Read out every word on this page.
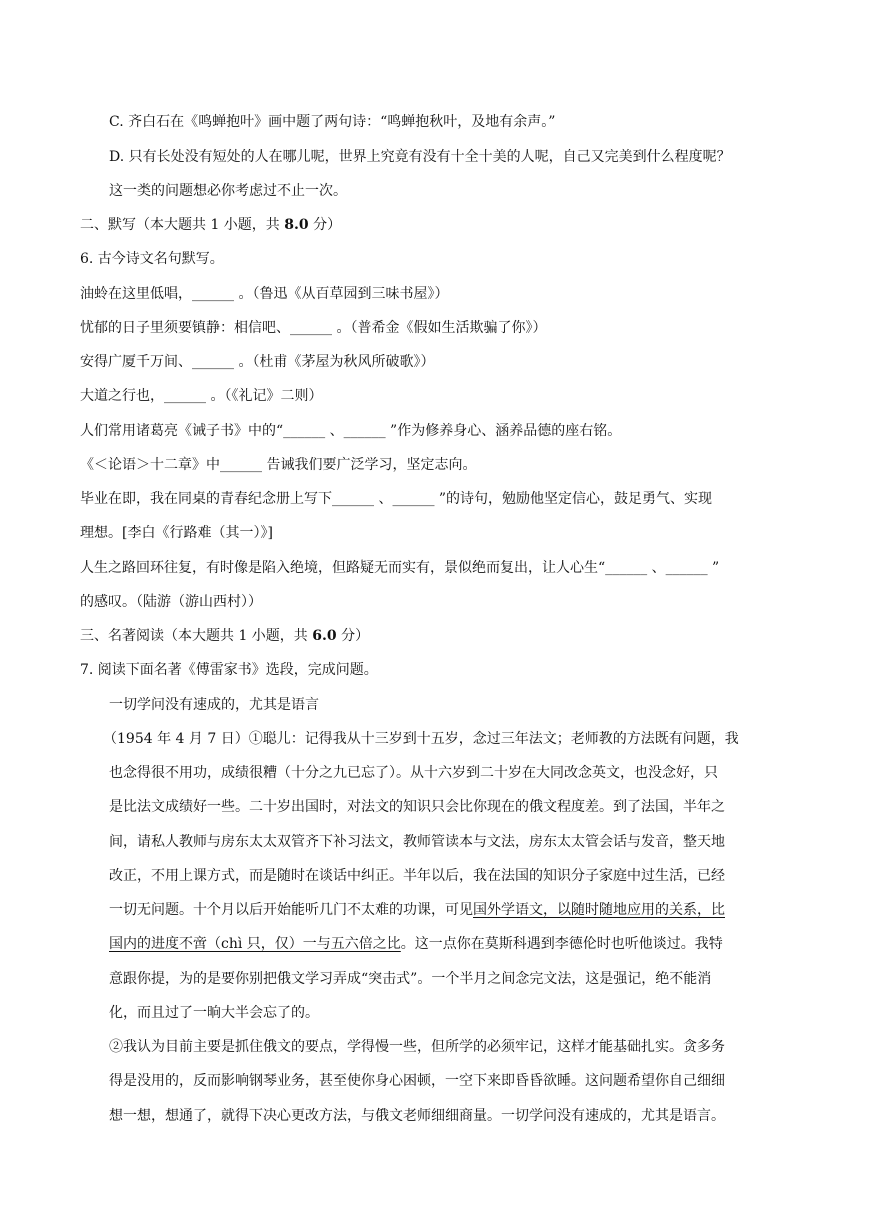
C. 齐白石在《鸣蝉抱叶》画中题了两句诗：“鸣蝉抱秋叶，及地有余声。”
D. 只有长处没有短处的人在哪儿呢，世界上究竟有没有十全十美的人呢，自己又完美到什么程度呢？
这一类的问题想必你考虑过不止一次。
二、默写（本大题共 1 小题，共 8.0 分）
6. 古今诗文名句默写。
油蛉在这里低唱，______ 。（鲁迅《从百草园到三味书屋》）
忧郁的日子里须要镇静：相信吧、______ 。（普希金《假如生活欺骗了你》）
安得广厦千万间、______ 。（杜甫《茅屋为秋风所破歌》）
大道之行也，______ 。（《礼记》二则）
人们常用诸葛亮《诫子书》中的“______ 、______ ”作为修养身心、涵养品德的座右铭。
《＜论语＞十二章》中______ 告诫我们要广泛学习，坚定志向。
毕业在即，我在同桌的青春纪念册上写下______ 、______ ”的诗句，勉励他坚定信心，鼓足勇气、实现
理想。[李白《行路难（其一）》]
人生之路回环往复，有时像是陷入绝境，但路疑无而实有，景似绝而复出，让人心生“______ 、______ ”
的感叹。（陆游（游山西村））
三、名著阅读（本大题共 1 小题，共 6.0 分）
7. 阅读下面名著《傅雷家书》选段，完成问题。
一切学问没有速成的，尤其是语言
（1954 年 4 月 7 日）①聪儿：记得我从十三岁到十五岁，念过三年法文；老师教的方法既有问题，我
也念得很不用功，成绩很糟（十分之九已忘了）。从十六岁到二十岁在大同改念英文，也没念好，只
是比法文成绩好一些。二十岁出国时，对法文的知识只会比你现在的俄文程度差。到了法国，半年之
间，请私人教师与房东太太双管齐下补习法文，教师管读本与文法，房东太太管会话与发音，整天地
改正，不用上课方式，而是随时在谈话中纠正。半年以后，我在法国的知识分子家庭中过生活，已经
一切无问题。十个月以后开始能听几门不太难的功课，可见国外学语文，以随时随地应用的关系，比
国内的进度不啻（chì 只，仅）一与五六倍之比。这一点你在莫斯科遇到李德伦时也听他谈过。我特
意跟你提，为的是要你别把俄文学习弄成“突击式”。一个半月之间念完文法，这是强记，绝不能消
化，而且过了一晌大半会忘了的。
②我认为目前主要是抓住俄文的要点，学得慢一些，但所学的必须牢记，这样才能基础扎实。贪多务
得是没用的，反而影响钢琴业务，甚至使你身心困顿，一空下来即昏昏欲睡。这问题希望你自己细细
想一想，想通了，就得下决心更改方法，与俄文老师细细商量。一切学问没有速成的，尤其是语言。
